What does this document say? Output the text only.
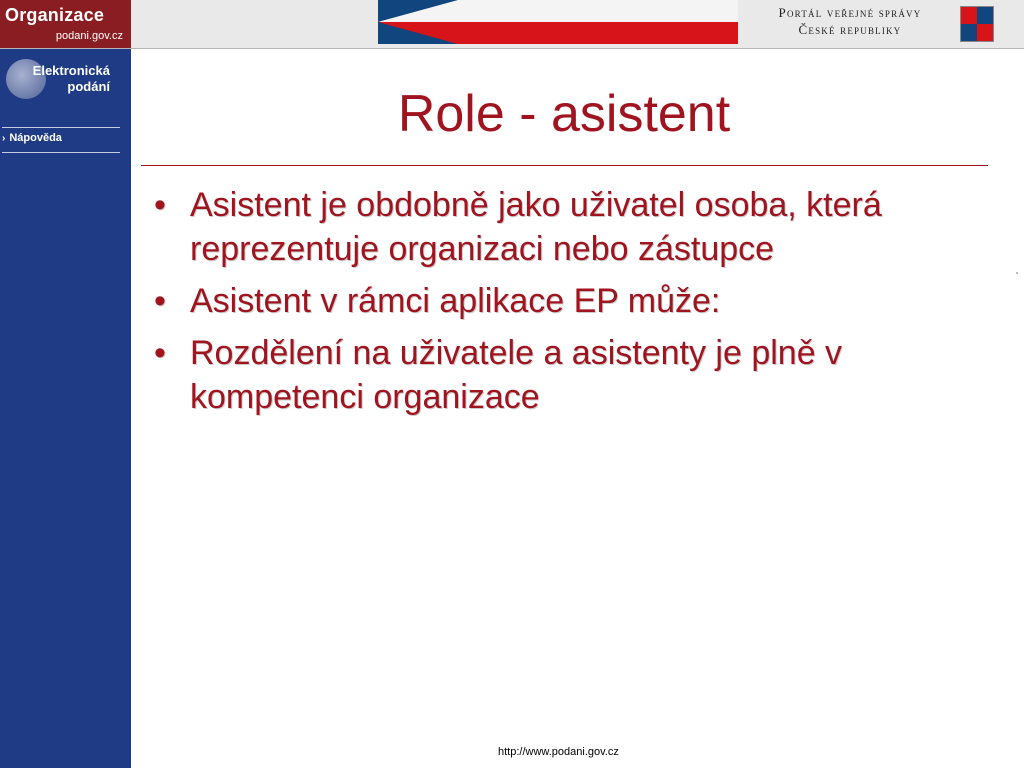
Organizace
podani.gov.cz
Portál veřejné správy
České republiky
Elektronická
podání
› Nápověda	Role - asistent
• Asistent je obdobně jako uživatel osoba, která reprezentuje organizaci nebo zástupce
• Asistent v rámci aplikace EP může:
• Rozdělení na uživatele a asistenty je plně v kompetenci organizace
http://www.podani.gov.cz
